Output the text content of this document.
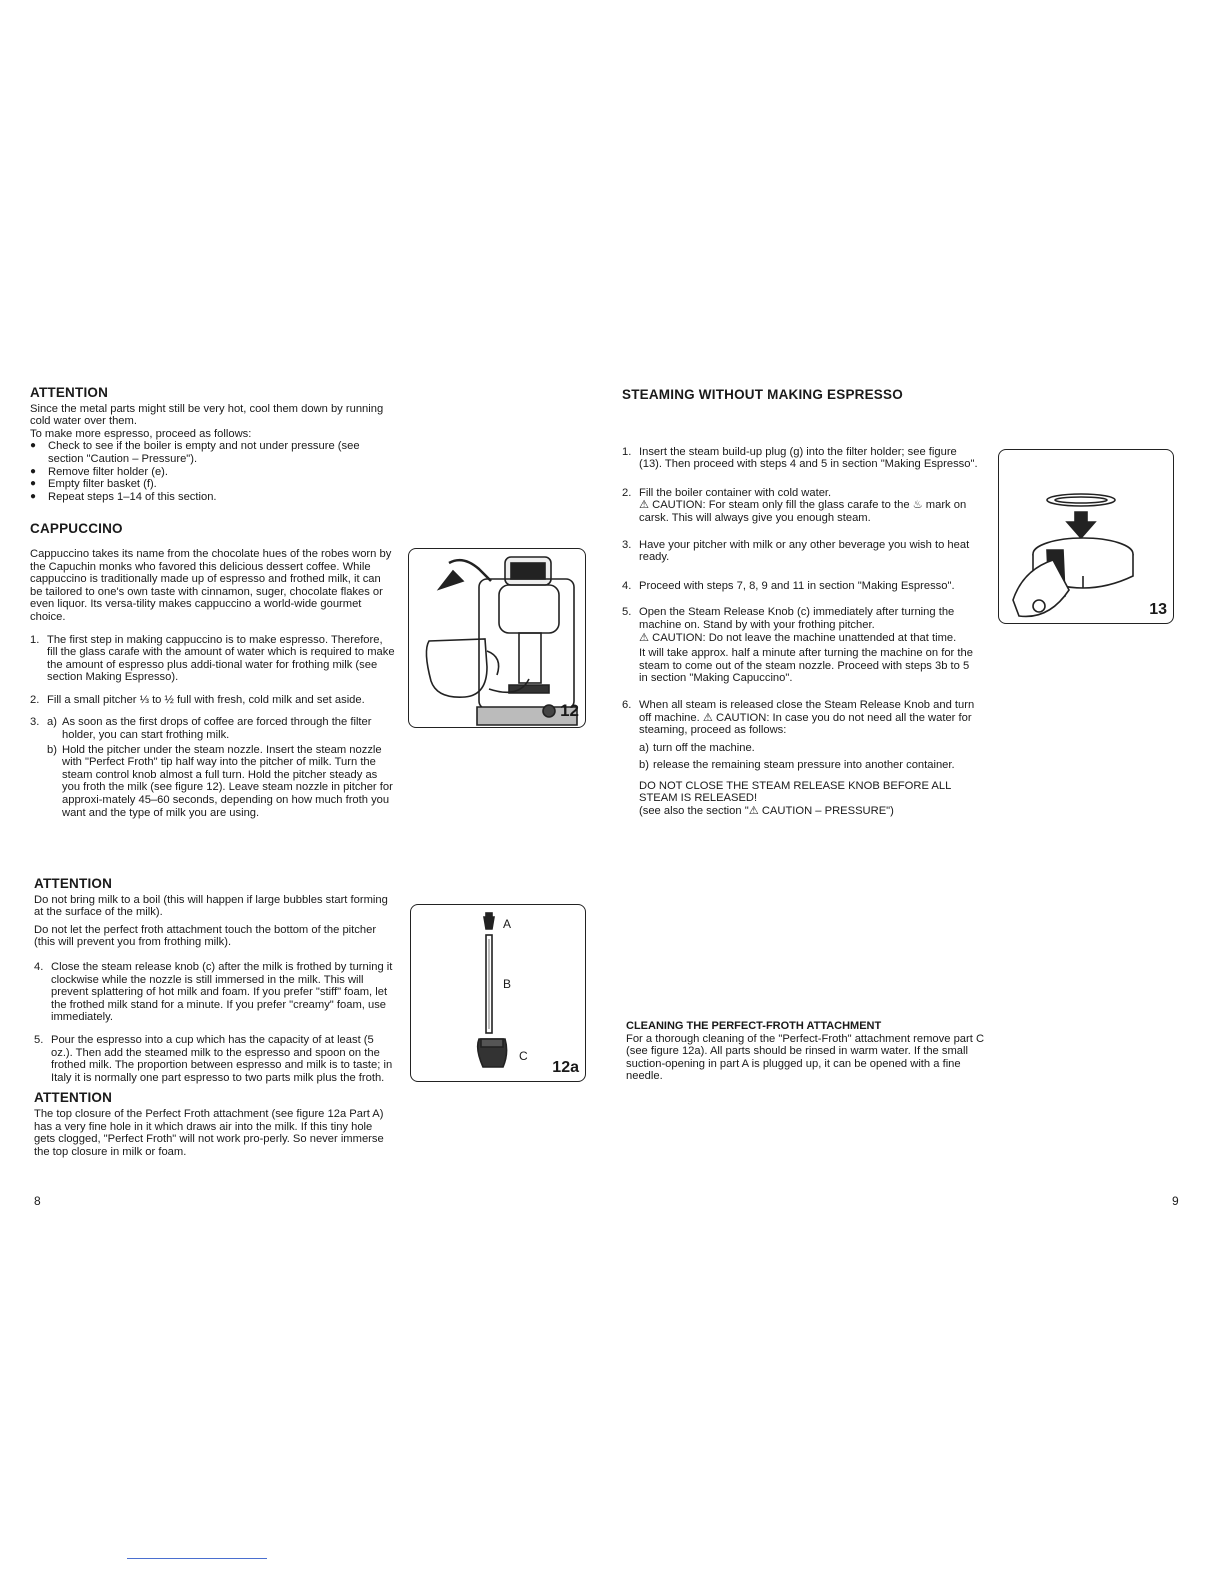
ATTENTION

Since the metal parts might still be very hot, cool them down by running cold water over them.

To make more espresso, proceed as follows:

● Check to see if the boiler is empty and not under pressure (see section "Caution – Pressure").
● Remove filter holder (e).
● Empty filter basket (f).
● Repeat steps 1–14 of this section.
CAPPUCCINO

Cappuccino takes its name from the chocolate hues of the robes worn by the Capuchin monks who favored this delicious dessert coffee. While cappuccino is traditionally made up of espresso and frothed milk, it can be tailored to one's own taste with cinnamon, suger, chocolate flakes or even liquor. Its versa-tility makes cappuccino a world-wide gourmet choice.

1. The first step in making cappuccino is to make espresso. Therefore, fill the glass carafe with the amount of water which is required to make the amount of espresso plus addi-tional water for frothing milk (see section Making Espresso).

2. Fill a small pitcher ⅓ to ½ full with fresh, cold milk and set aside.

3. a) As soon as the first drops of coffee are forced through the filter holder, you can start frothing milk.

b) Hold the pitcher under the steam nozzle. Insert the steam nozzle with "Perfect Froth" tip half way into the pitcher of milk. Turn the steam control knob almost a full turn. Hold the pitcher steady as you froth the milk (see figure 12). Leave steam nozzle in pitcher for approxi-mately 45–60 seconds, depending on how much froth you want and the type of milk you are using.

ATTENTION

Do not bring milk to a boil (this will happen if large bubbles start forming at the surface of the milk).

Do not let the perfect froth attachment touch the bottom of the pitcher (this will prevent you from frothing milk).

4. Close the steam release knob (c) after the milk is frothed by turning it clockwise while the nozzle is still immersed in the milk. This will prevent splattering of hot milk and foam. If you prefer "stiff" foam, let the frothed milk stand for a minute. If you prefer "creamy" foam, use immediately.

5. Pour the espresso into a cup which has the capacity of at least (5 oz.). Then add the steamed milk to the espresso and spoon on the frothed milk. The proportion between espresso and milk is to taste; in Italy it is normally one part espresso to two parts milk plus the froth.

ATTENTION

The top closure of the Perfect Froth attachment (see figure 12a Part A) has a very fine hole in it which draws air into the milk. If this tiny hole gets clogged, "Perfect Froth" will not work pro-perly. So never immerse the top closure in milk or foam.

8
12
A
B
C
12a
STEAMING WITHOUT MAKING ESPRESSO
1. Insert the steam build-up plug (g) into the filter holder; see figure (13). Then proceed with steps 4 and 5 in section "Making Espresso".

2. Fill the boiler container with cold water.

⚠ CAUTION: For steam only fill the glass carafe to the ♨ mark on carsk. This will always give you enough steam.

3. Have your pitcher with milk or any other beverage you wish to heat ready.

4. Proceed with steps 7, 8, 9 and 11 in section "Making Espresso".

5. Open the Steam Release Knob (c) immediately after turning the machine on. Stand by with your frothing pitcher.

⚠ CAUTION: Do not leave the machine unattended at that time.

It will take approx. half a minute after turning the machine on for the steam to come out of the steam nozzle. Proceed with steps 3b to 5 in section "Making Capuccino".

6. When all steam is released close the Steam Release Knob and turn off machine. ⚠ CAUTION: In case you do not need all the water for steaming, proceed as follows:

a) turn off the machine.

b) release the remaining steam pressure into another container.

DO NOT CLOSE THE STEAM RELEASE KNOB BEFORE ALL STEAM IS RELEASED!

(see also the section "⚠ CAUTION – PRESSURE")

CLEANING THE PERFECT-FROTH ATTACHMENT

For a thorough cleaning of the "Perfect-Froth" attachment remove part C (see figure 12a). All parts should be rinsed in warm water. If the small suction-opening in part A is plugged up, it can be opened with a fine needle.

9
13
